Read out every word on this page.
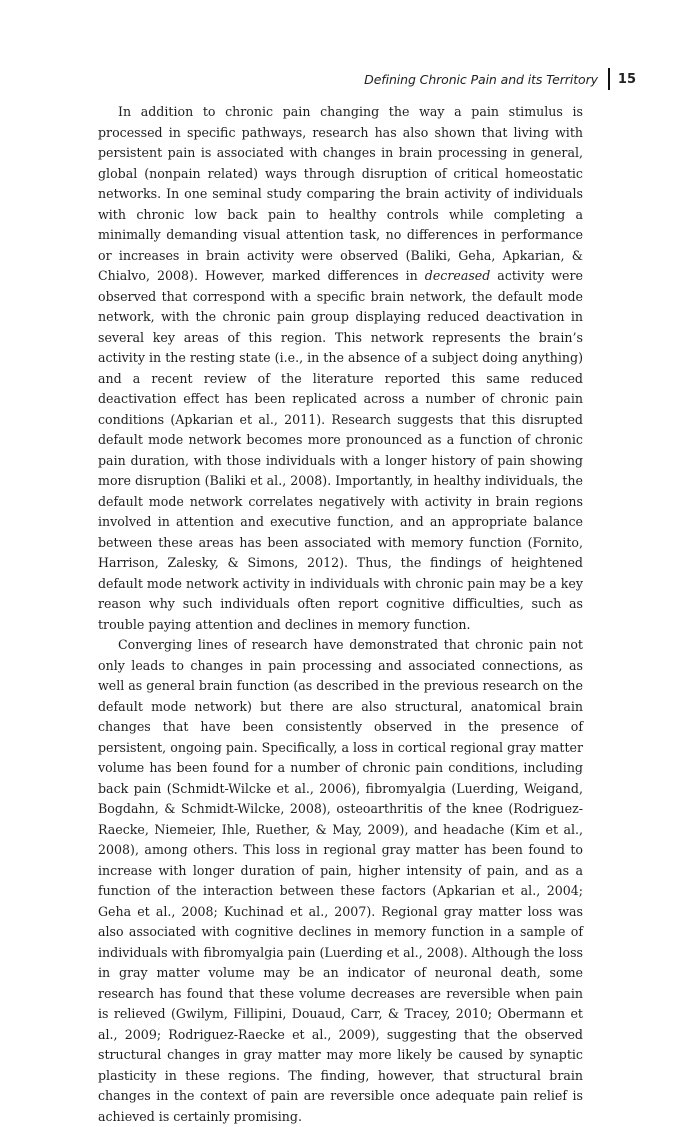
Defining Chronic Pain and its Territory 15

In addition to chronic pain changing the way a pain stimulus is processed in specific pathways, research has also shown that living with persistent pain is associated with changes in brain processing in general, global (nonpain related) ways through disruption of critical homeostatic networks. In one seminal study comparing the brain activity of individuals with chronic low back pain to healthy controls while completing a minimally demanding visual attention task, no differences in performance or increases in brain activity were observed (Baliki, Geha, Apkarian, & Chialvo, 2008). However, marked differences in decreased activity were observed that correspond with a specific brain network, the default mode network, with the chronic pain group displaying reduced deactivation in several key areas of this region. This network represents the brain’s activity in the resting state (i.e., in the absence of a subject doing anything) and a recent review of the literature reported this same reduced deactivation effect has been replicated across a number of chronic pain conditions (Apkarian et al., 2011). Research suggests that this disrupted default mode network becomes more pronounced as a function of chronic pain duration, with those individuals with a longer history of pain showing more disruption (Baliki et al., 2008). Importantly, in healthy individuals, the default mode network correlates negatively with activity in brain regions involved in attention and executive function, and an appropriate balance between these areas has been associated with memory function (Fornito, Harrison, Zalesky, & Simons, 2012). Thus, the findings of heightened default mode network activity in individuals with chronic pain may be a key reason why such individuals often report cognitive difficulties, such as trouble paying attention and declines in memory function.

Converging lines of research have demonstrated that chronic pain not only leads to changes in pain processing and associated connections, as well as general brain function (as described in the previous research on the default mode network) but there are also structural, anatomical brain changes that have been consistently observed in the presence of persistent, ongoing pain. Specifically, a loss in cortical regional gray matter volume has been found for a number of chronic pain conditions, including back pain (Schmidt-Wilcke et al., 2006), fibromyalgia (Luerding, Weigand, Bogdahn, & Schmidt-Wilcke, 2008), osteoarthritis of the knee (Rodriguez-Raecke, Niemeier, Ihle, Ruether, & May, 2009), and headache (Kim et al., 2008), among others. This loss in regional gray matter has been found to increase with longer duration of pain, higher intensity of pain, and as a function of the interaction between these factors (Apkarian et al., 2004; Geha et al., 2008; Kuchinad et al., 2007). Regional gray matter loss was also associated with cognitive declines in memory function in a sample of individuals with fibromyalgia pain (Luerding et al., 2008). Although the loss in gray matter volume may be an indicator of neuronal death, some research has found that these volume decreases are reversible when pain is relieved (Gwilym, Fillipini, Douaud, Carr, & Tracey, 2010; Obermann et al., 2009; Rodriguez-Raecke et al., 2009), suggesting that the observed structural changes in gray matter may more likely be caused by synaptic plasticity in these regions. The finding, however, that structural brain changes in the context of pain are reversible once adequate pain relief is achieved is certainly promising.
